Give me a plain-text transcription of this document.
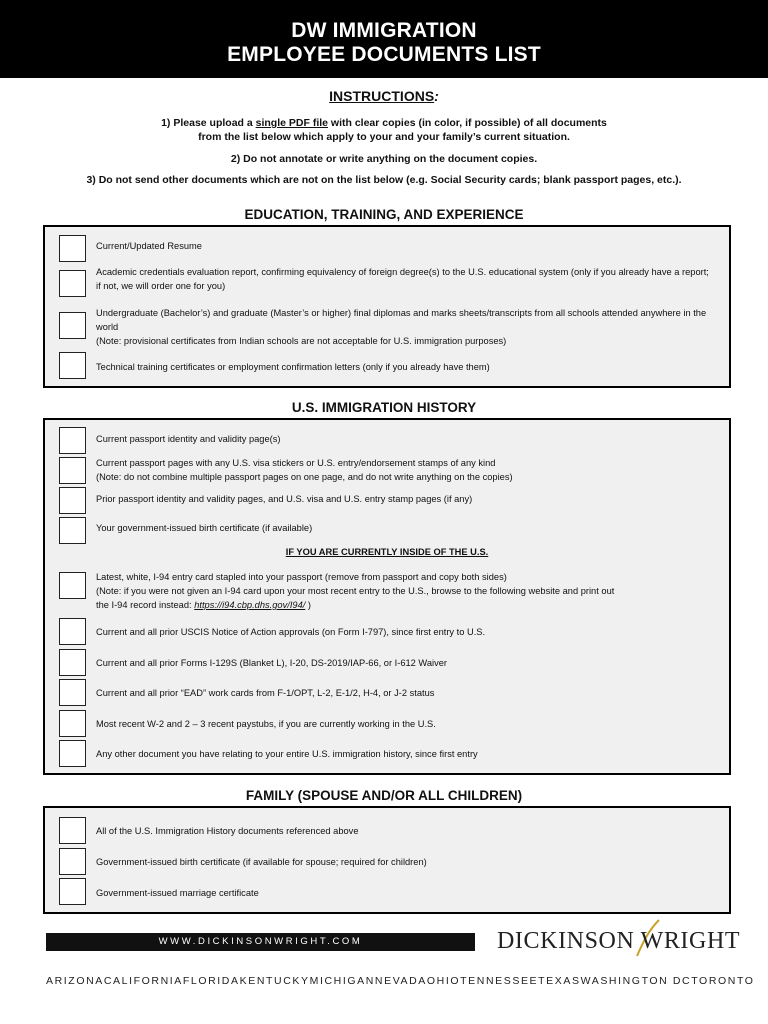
DW IMMIGRATION
EMPLOYEE DOCUMENTS LIST
INSTRUCTIONS:
1) Please upload a single PDF file with clear copies (in color, if possible) of all documents
from the list below which apply to your and your family’s current situation.
2) Do not annotate or write anything on the document copies.
3) Do not send other documents which are not on the list below (e.g. Social Security cards; blank passport pages, etc.).
EDUCATION, TRAINING, AND EXPERIENCE
Current/Updated Resume
Academic credentials evaluation report, confirming equivalency of foreign degree(s) to the U.S. educational system (only if you already have a report; if not, we will order one for you)
Undergraduate (Bachelor’s) and graduate (Master’s or higher) final diplomas and marks sheets/transcripts from all schools attended anywhere in the world
(Note: provisional certificates from Indian schools are not acceptable for U.S. immigration purposes)
Technical training certificates or employment confirmation letters (only if you already have them)
U.S. IMMIGRATION HISTORY
Current passport identity and validity page(s)
Current passport pages with any U.S. visa stickers or U.S. entry/endorsement stamps of any kind
(Note: do not combine multiple passport pages on one page, and do not write anything on the copies)
Prior passport identity and validity pages, and U.S. visa and U.S. entry stamp pages (if any)
Your government-issued birth certificate (if available)
IF YOU ARE CURRENTLY INSIDE OF THE U.S.
Latest, white, I-94 entry card stapled into your passport (remove from passport and copy both sides)
(Note: if you were not given an I-94 card upon your most recent entry to the U.S., browse to the following website and print out
the I-94 record instead: https://i94.cbp.dhs.gov/I94/ )
Current and all prior USCIS Notice of Action approvals (on Form I-797), since first entry to U.S.
Current and all prior Forms I-129S (Blanket L), I-20, DS-2019/IAP-66, or I-612 Waiver
Current and all prior “EAD” work cards from F-1/OPT, L-2, E-1/2, H-4, or J-2 status
Most recent W-2 and 2 – 3 recent paystubs, if you are currently working in the U.S.
Any other document you have relating to your entire U.S. immigration history, since first entry
FAMILY (SPOUSE AND/OR ALL CHILDREN)
All of the U.S. Immigration History documents referenced above
Government-issued birth certificate (if available for spouse; required for children)
Government-issued marriage certificate
WWW.DICKINSONWRIGHT.COM	DICKINSON WRIGHT
ARIZONA CALIFORNIA FLORIDA KENTUCKY MICHIGAN NEVADA OHIO TENNESSEE TEXAS WASHINGTON DC TORONTO
